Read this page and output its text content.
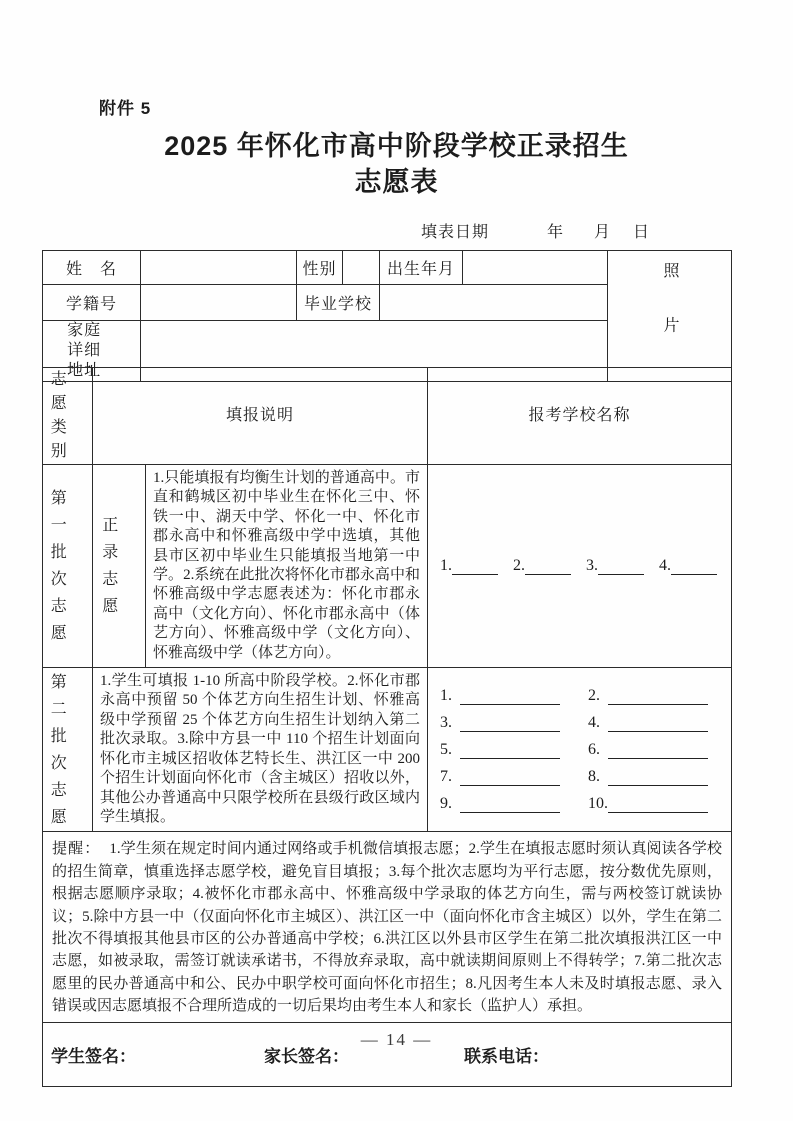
附件 5
2025 年怀化市高中阶段学校正录招生
志愿表
填表日期	年 月 日
姓　名		性别		出生年月		照片
学籍号		毕业学校				
家庭详细地址						
志愿类别	填报说明		报考学校名称
第一批次志愿	正录志愿	1.只能填报有均衡生计划的普通高中。市直和鹤城区初中毕业生在怀化三中、怀铁一中、湖天中学、怀化一中、怀化市郡永高中和怀雅高级中学中选填，其他县市区初中毕业生只能填报当地第一中学。2.系统在此批次将怀化市郡永高中和怀雅高级中学志愿表述为：怀化市郡永高中（文化方向）、怀化市郡永高中（体艺方向）、怀雅高级中学（文化方向）、怀雅高级中学（体艺方向）。	1. 2. 3. 4.

第二批次志愿	1.学生可填报 1-10 所高中阶段学校。2.怀化市郡永高中预留 50 个体艺方向生招生计划、怀雅高级中学预留 25 个体艺方向生招生计划纳入第二批次录取。3.除中方县一中 110 个招生计划面向怀化市主城区招收体艺特长生、洪江区一中 200 个招生计划面向怀化市（含主城区）招收以外，其他公办普通高中只限学校所在县级行政区域内学生填报。	
1.	2.
3.	4.
5.	6.
7.	8.
9.	10.

提醒： 1.学生须在规定时间内通过网络或手机微信填报志愿；2.学生在填报志愿时须认真阅读各学校的招生简章，慎重选择志愿学校，避免盲目填报；3.每个批次志愿均为平行志愿，按分数优先原则，根据志愿顺序录取；4.被怀化市郡永高中、怀雅高级中学录取的体艺方向生，需与两校签订就读协议；5.除中方县一中（仅面向怀化市主城区）、洪江区一中（面向怀化市含主城区）以外，学生在第二批次不得填报其他县市区的公办普通高中学校；6.洪江区以外县市区学生在第二批次填报洪江区一中志愿，如被录取，需签订就读承诺书，不得放弃录取，高中就读期间原则上不得转学；7.第二批次志愿里的民办普通高中和公、民办中职学校可面向怀化市招生；8.凡因考生本人未及时填报志愿、录入错误或因志愿填报不合理所造成的一切后果均由考生本人和家长（监护人）承担。			

学生签名： 家长签名： 联系电话：			
— 14 —
